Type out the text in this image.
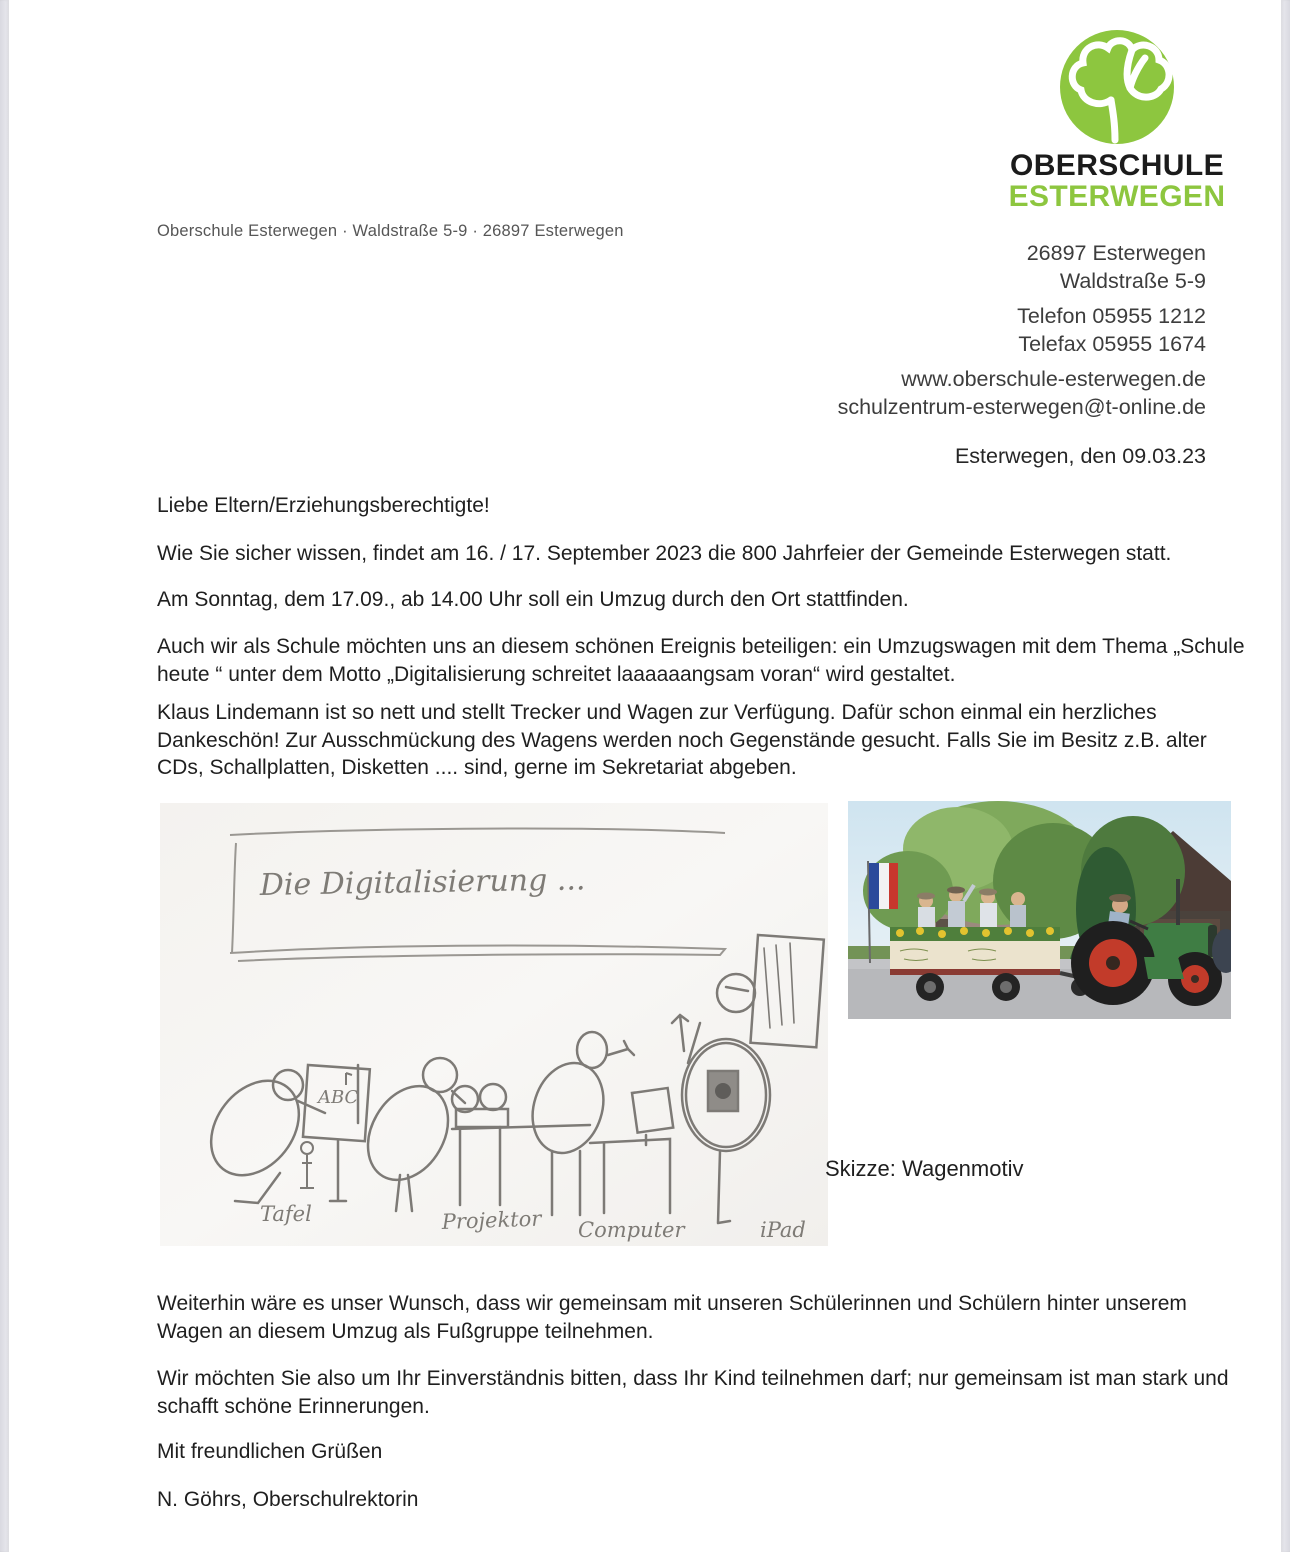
OBERSCHULE
ESTERWEGEN
Oberschule Esterwegen · Waldstraße 5-9 · 26897 Esterwegen
26897 Esterwegen
Waldstraße 5-9
Telefon 05955 1212
Telefax 05955 1674
www.oberschule-esterwegen.de
schulzentrum-esterwegen@t-online.de
Esterwegen, den 09.03.23

Liebe Eltern/Erziehungsberechtigte!

Wie Sie sicher wissen, findet am 16. / 17. September 2023 die 800 Jahrfeier der Gemeinde Esterwegen statt.

Am Sonntag, dem 17.09., ab 14.00 Uhr soll ein Umzug durch den Ort stattfinden.

Auch wir als Schule möchten uns an diesem schönen Ereignis beteiligen: ein Umzugswagen mit dem Thema „Schule heute “ unter dem Motto „Digitalisierung schreitet laaaaaangsam voran“ wird gestaltet.

Klaus Lindemann ist so nett und stellt Trecker und Wagen zur Verfügung. Dafür schon einmal ein herzliches Dankeschön! Zur Ausschmückung des Wagens werden noch Gegenstände gesucht. Falls Sie im Besitz z.B. alter CDs, Schallplatten, Disketten .... sind, gerne im Sekretariat abgeben.

Die Digitalisierung ...
ABC
Tafel	Projektor Computer	iPad
Skizze: Wagenmotiv

Weiterhin wäre es unser Wunsch, dass wir gemeinsam mit unseren Schülerinnen und Schülern hinter unserem Wagen an diesem Umzug als Fußgruppe teilnehmen.

Wir möchten Sie also um Ihr Einverständnis bitten, dass Ihr Kind teilnehmen darf; nur gemeinsam ist man stark und schafft schöne Erinnerungen.

Mit freundlichen Grüßen

N. Göhrs, Oberschulrektorin
